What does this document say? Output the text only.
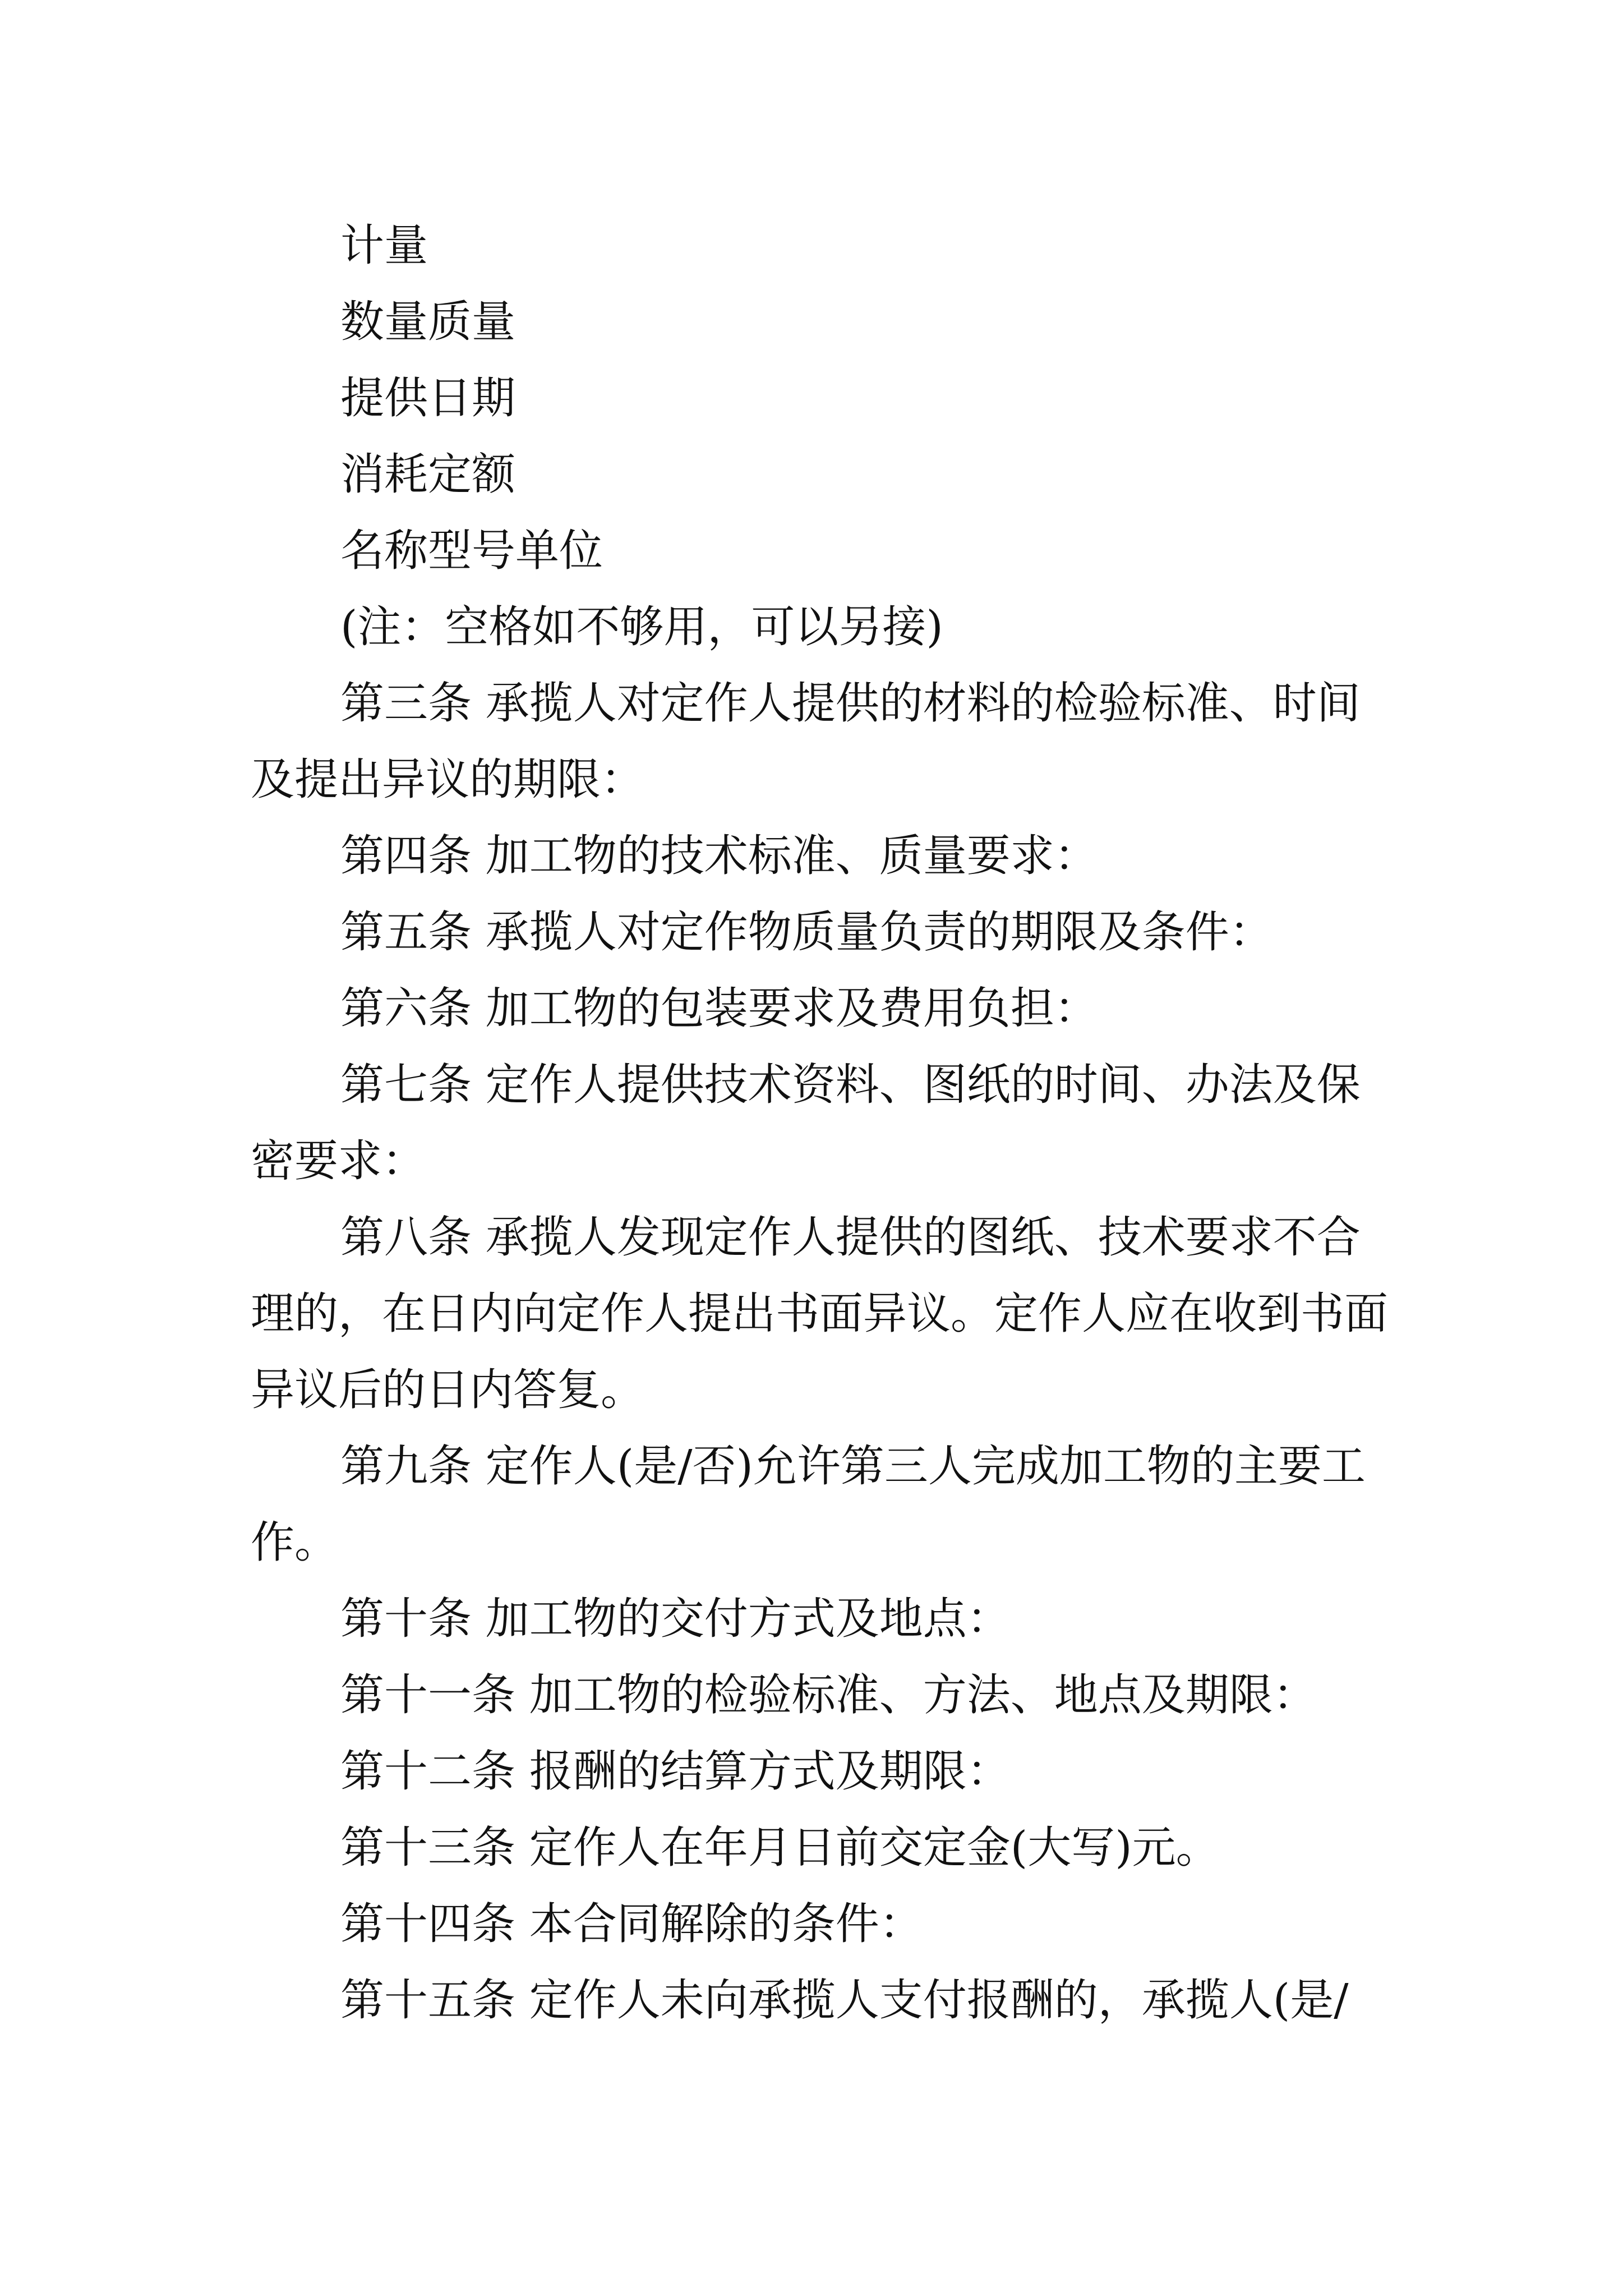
计量
数量质量
提供日期
消耗定额
名称型号单位
(注：空格如不够用，可以另接)
第三条 承揽人对定作人提供的材料的检验标准、时间
及提出异议的期限：
第四条 加工物的技术标准、质量要求：
第五条 承揽人对定作物质量负责的期限及条件：
第六条 加工物的包装要求及费用负担：
第七条 定作人提供技术资料、图纸的时间、办法及保
密要求：
第八条 承揽人发现定作人提供的图纸、技术要求不合
理的，在日内向定作人提出书面异议。定作人应在收到书面
异议后的日内答复。
第九条 定作人(是/否)允许第三人完成加工物的主要工
作。
第十条 加工物的交付方式及地点：
第十一条 加工物的检验标准、方法、地点及期限：
第十二条 报酬的结算方式及期限：
第十三条 定作人在年月日前交定金(大写)元。
第十四条 本合同解除的条件：
第十五条 定作人未向承揽人支付报酬的，承揽人(是/
